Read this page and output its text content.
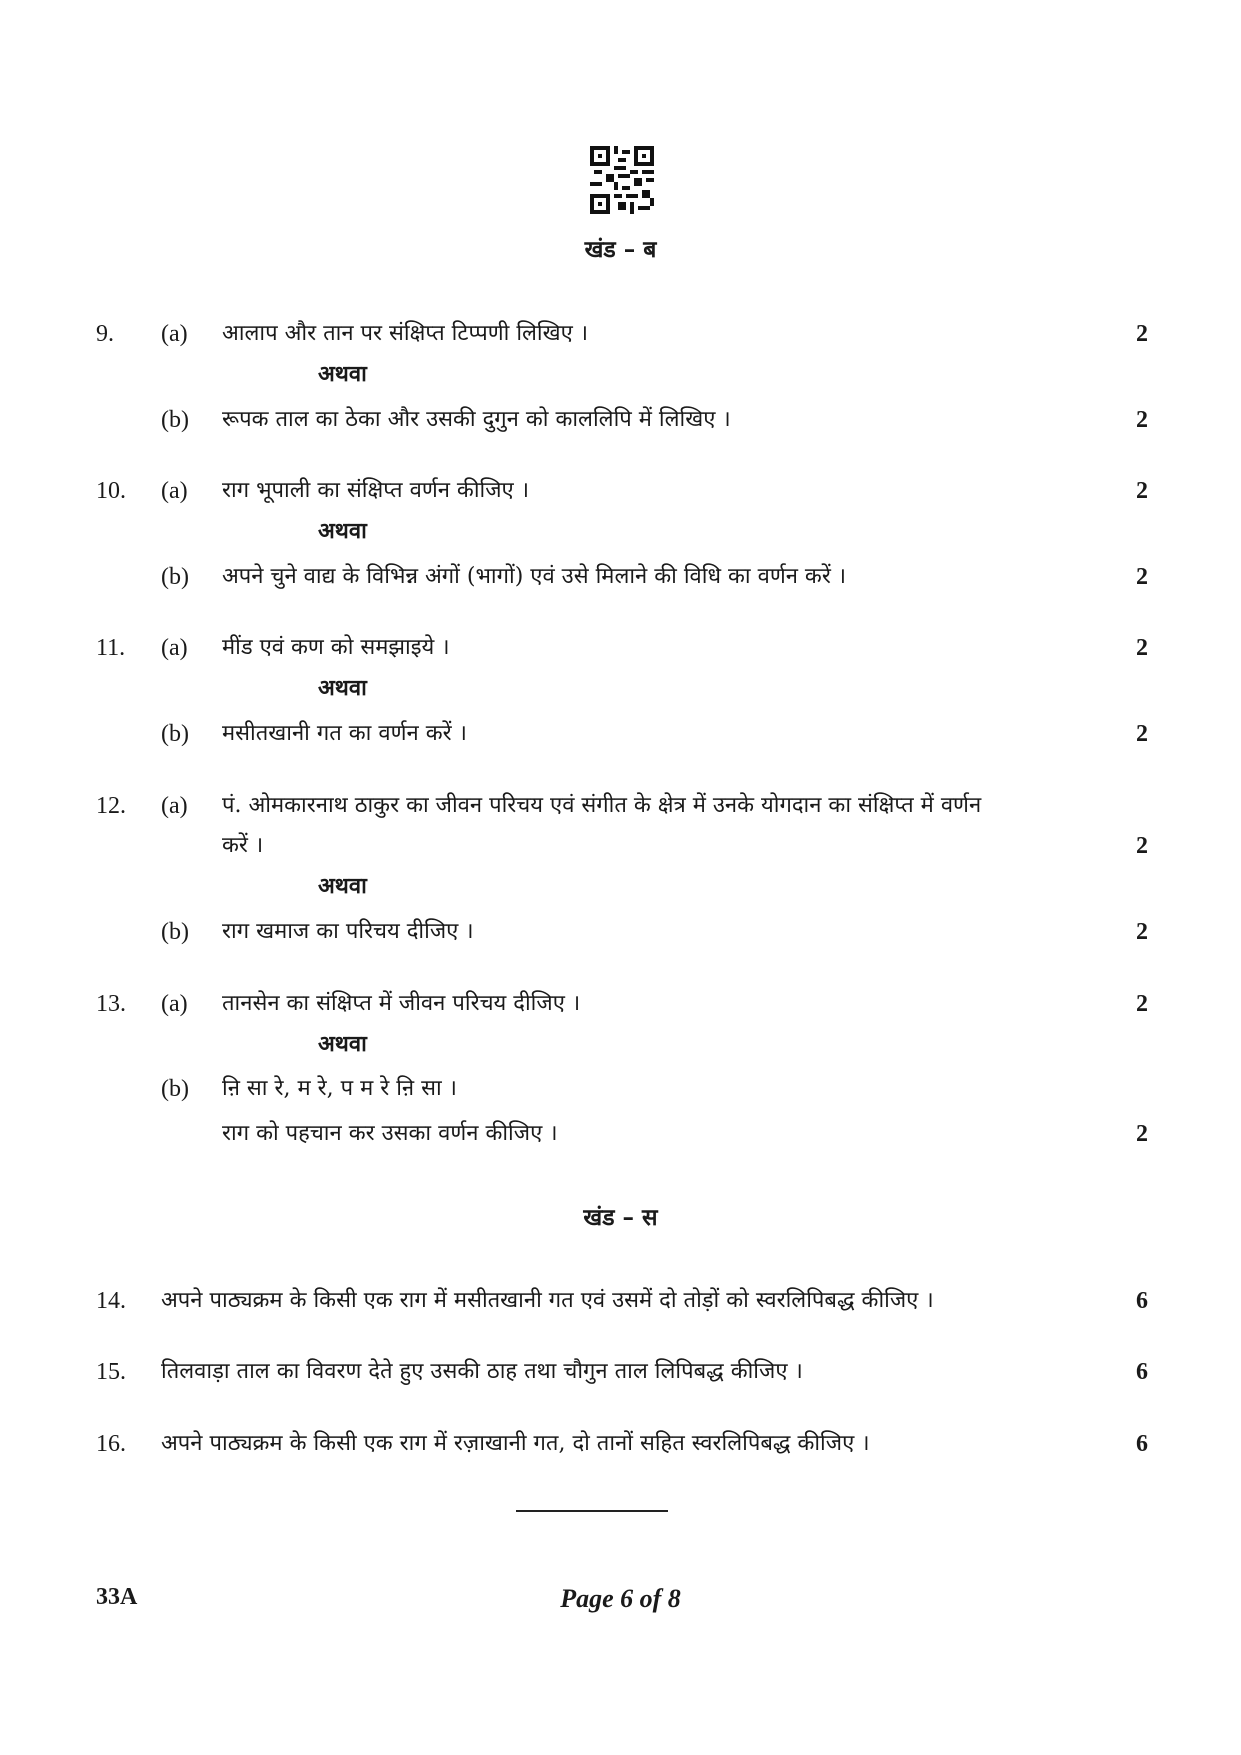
खंड – ब
9. (a) आलाप और तान पर संक्षिप्त टिप्पणी लिखिए ।	2
अथवा
(b) रूपक ताल का ठेका और उसकी दुगुन को काललिपि में लिखिए ।	2
10. (a) राग भूपाली का संक्षिप्त वर्णन कीजिए ।	2
अथवा
(b) अपने चुने वाद्य के विभिन्न अंगों (भागों) एवं उसे मिलाने की विधि का वर्णन करें ।	2
11. (a) मींड एवं कण को समझाइये ।	2
अथवा
(b) मसीतखानी गत का वर्णन करें ।	2
12. (a) पं. ओमकारनाथ ठाकुर का जीवन परिचय एवं संगीत के क्षेत्र में उनके योगदान का संक्षिप्त में वर्णन
करें ।	2
अथवा
(b) राग खमाज का परिचय दीजिए ।	2
13. (a) तानसेन का संक्षिप्त में जीवन परिचय दीजिए ।	2
अथवा
(b) ऩि सा रे, म रे, प म रे ऩि सा ।
राग को पहचान कर उसका वर्णन कीजिए ।	2
खंड – स
14. अपने पाठ्यक्रम के किसी एक राग में मसीतखानी गत एवं उसमें दो तोड़ों को स्वरलिपिबद्ध कीजिए ।	6
15. तिलवाड़ा ताल का विवरण देते हुए उसकी ठाह तथा चौगुन ताल लिपिबद्ध कीजिए ।	6
16. अपने पाठ्यक्रम के किसी एक राग में रज़ाखानी गत, दो तानों सहित स्वरलिपिबद्ध कीजिए ।	6
33A	Page 6 of 8
